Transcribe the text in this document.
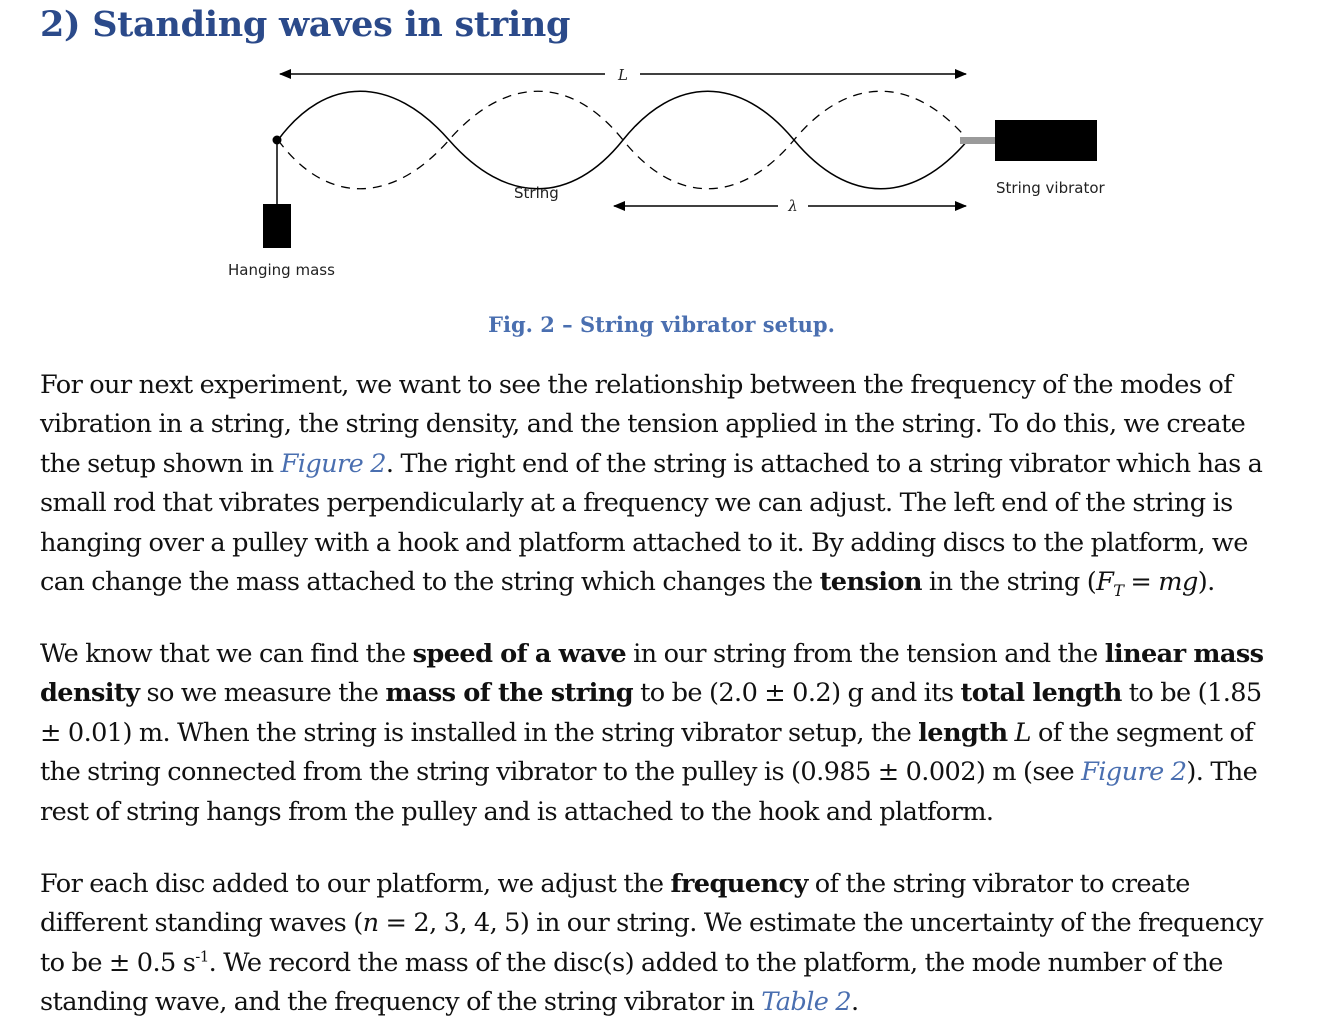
2) Standing waves in string
L
λ
String	String vibrator
Hanging mass
Fig. 2 – String vibrator setup.

For our next experiment, we want to see the relationship between the frequency of the modes of vibration in a string, the string density, and the tension applied in the string. To do this, we create the setup shown in Figure 2. The right end of the string is attached to a string vibrator which has a small rod that vibrates perpendicularly at a frequency we can adjust. The left end of the string is hanging over a pulley with a hook and platform attached to it. By adding discs to the platform, we can change the mass attached to the string which changes the tension in the string $(F_T = mg)$.

We know that we can find the speed of a wave in our string from the tension and the linear mass density so we measure the mass of the string to be (2.0 ± 0.2) g and its total length to be (1.85 ± 0.01) m. When the string is installed in the string vibrator setup, the length L of the segment of the string connected from the string vibrator to the pulley is (0.985 ± 0.002) m (see Figure 2). The rest of string hangs from the pulley and is attached to the hook and platform.

For each disc added to our platform, we adjust the frequency of the string vibrator to create different standing waves (n = 2, 3, 4, 5) in our string. We estimate the uncertainty of the frequency to be ± 0.5 $s^{-1}$. We record the mass of the disc(s) added to the platform, the mode number of the standing wave, and the frequency of the string vibrator in Table 2.
